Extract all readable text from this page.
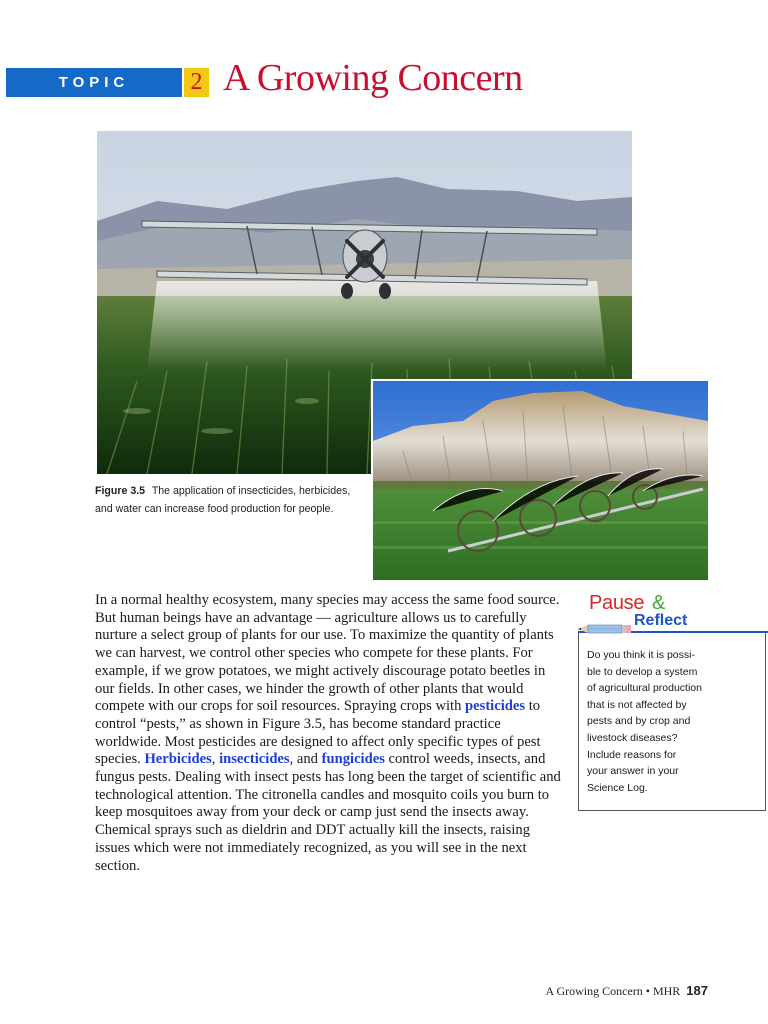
TOPIC	2 A Growing Concern
Figure 3.5 The application of insecticides, herbicides, and water can increase food production for people.

In a normal healthy ecosystem, many species may access the same food source. But human beings have an advantage — agriculture allows us to carefully nurture a select group of plants for our use. To maximize the quantity of plants we can harvest, we control other species who compete for these plants. For example, if we grow potatoes, we might actively discourage potato beetles in our fields. In other cases, we hinder the growth of other plants that would compete with our crops for soil resources. Spraying crops with pesticides to control “pests,” as shown in Figure 3.5, has become standard practice worldwide. Most pesticides are designed to affect only specific types of pest species. Herbicides, insecticides, and fungicides control weeds, insects, and fungus pests. Dealing with insect pests has long been the target of scientific and technological attention. The citronella candles and mosquito coils you burn to keep mosquitoes away from your deck or camp just send the insects away. Chemical sprays such as dieldrin and DDT actually kill the insects, raising issues which were not immediately recognized, as you will see in the next section.

Pause &
Reflect
Do you think it is possi-
ble to develop a system
of agricultural production
that is not affected by
pests and by crop and
livestock diseases?
Include reasons for
your answer in your
Science Log.
A Growing Concern • MHR 187
